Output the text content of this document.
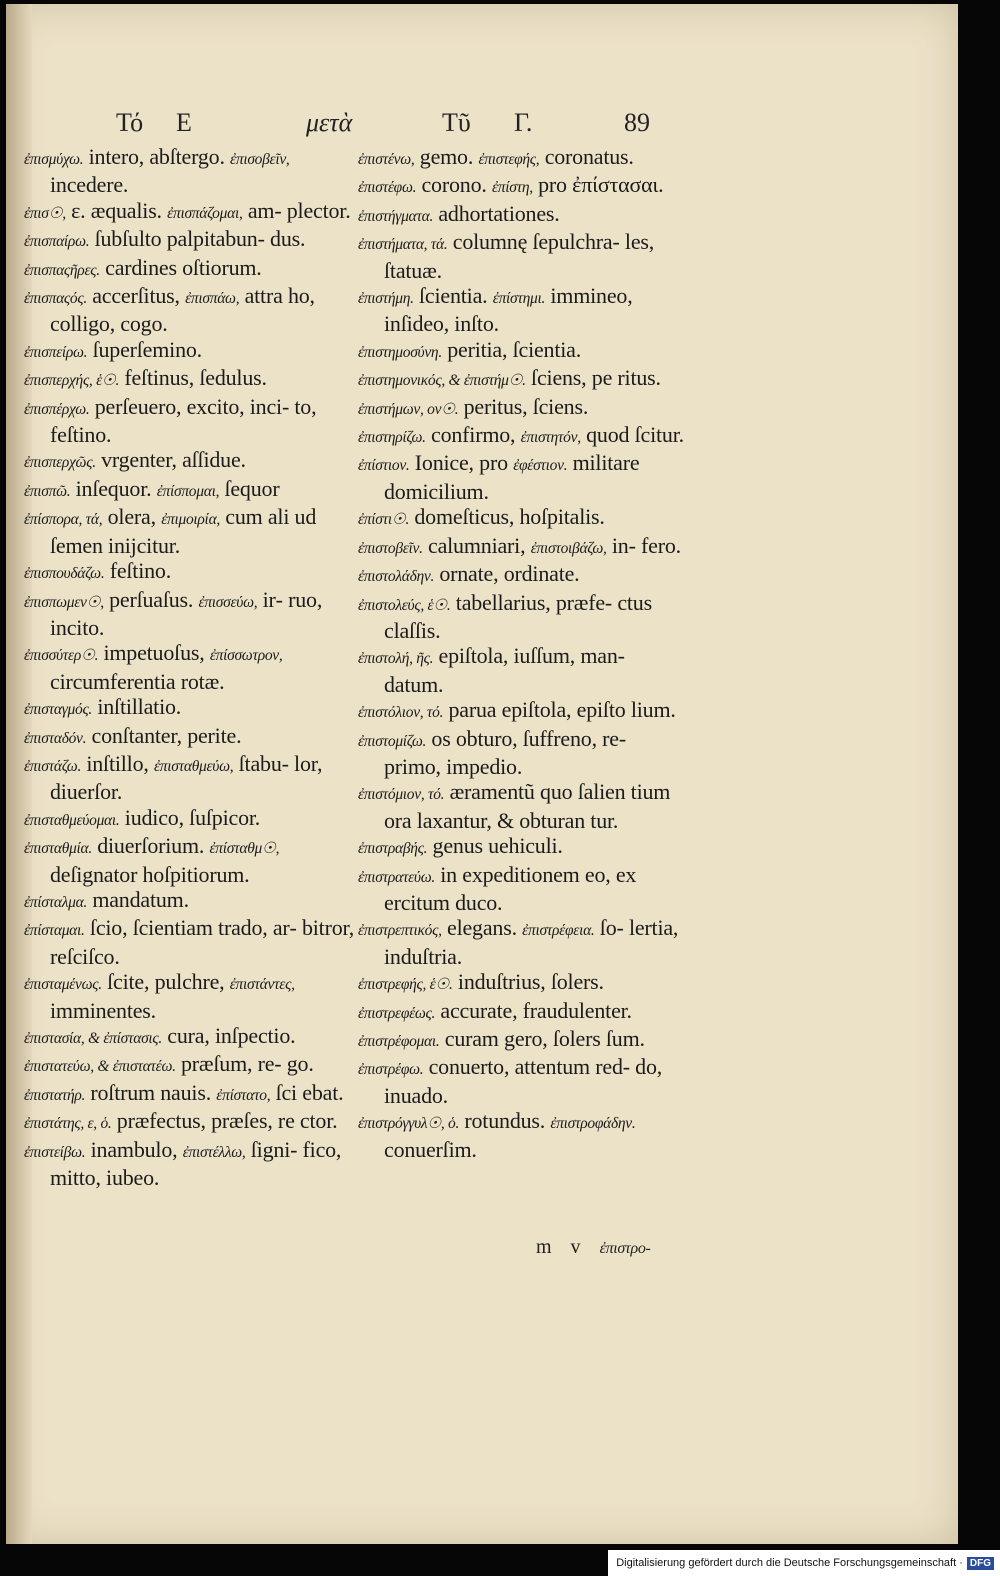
Τό Ε	μετὰ	Τῦ Γ.	89
ἐπισμύχω. intero, abſtergo. ἐπισοβεῖν, incedere.
ἐπισ☉, ε. æqualis. ἐπισπάζομαι, am‑ plector.
ἐπισπαίρω. ſubſulto palpitabun‑ dus.
ἐπισπαςῆρες. cardines oſtiorum.
ἐπισπαςός. accerſitus, ἐπισπάω, attra ho, colligo, cogo.
ἐπισπείρω. ſuperſemino.
ἐπισπερχής, ἑ☉. feſtinus, ſedulus.
ἐπισπέρχω. perſeuero, excito, inci‑ to, feſtino.
ἐπισπερχῶς. vrgenter, aſſidue.
ἐπισπῶ. inſequor. ἐπίσπομαι, ſequor
ἐπίσπορα, τά, olera, ἐπιμοιρία, cum ali ud ſemen inijcitur.
ἐπισπουδάζω. feſtino.
ἐπισπωμεν☉, perſuaſus. ἐπισσεύω, ir‑ ruo, incito.
ἐπισσύτερ☉. impetuoſus, ἐπίσσωτρον, circumferentia rotæ.
ἐπισταγμός. inſtillatio.
ἐπισταδόν. conſtanter, perite.
ἐπιστάζω. inſtillo, ἐπισταθμεύω, ſtabu‑ lor, diuerſor.
ἐπισταθμεύομαι. iudico, ſuſpicor.
ἐπισταθμία. diuerſorium. ἐπίσταθμ☉, deſignator hoſpitiorum.
ἐπίσταλμα. mandatum.
ἐπίσταμαι. ſcio, ſcientiam trado, ar‑ bitror, reſciſco.
ἐπισταμένως. ſcite, pulchre, ἐπιστάντες, imminentes.
ἐπιστασία, & ἐπίστασις. cura, inſpectio.
ἐπιστατεύω, & ἐπιστατέω. præſum, re‑ go.
ἐπιστατήρ. roſtrum nauis. ἐπίστατο, ſci ebat.
ἐπιστάτης, ε, ὁ. præfectus, præſes, re ctor.
ἐπιστείβω. inambulo, ἐπιστέλλω, ſigni‑ fico, mitto, iubeo.
ἐπιστένω, gemo. ἐπιστεφής, coronatus.
ἐπιστέφω. corono. ἐπίστη, pro ἐπίστασαι.
ἐπιστήγματα. adhortationes.
ἐπιστήματα, τά. columnę ſepulchra‑ les, ſtatuæ.
ἐπιστήμη. ſcientia. ἐπίστημι. immineo, inſideo, inſto.
ἐπιστημοσύνη. peritia, ſcientia.
ἐπιστημονικός, & ἐπιστήμ☉. ſciens, pe ritus.
ἐπιστήμων, ον☉. peritus, ſciens.
ἐπιστηρίζω. confirmo, ἐπιστητόν, quod ſcitur.
ἐπίστιον. Ionice, pro ἐφέστιον. militare domicilium.
ἐπίστι☉. domeſticus, hoſpitalis.
ἐπιστοβεῖν. calumniari, ἐπιστοιβάζω, in‑ fero.
ἐπιστολάδην. ornate, ordinate.
ἐπιστολεύς, ἑ☉. tabellarius, præfe‑ ctus claſſis.
ἐπιστολή, ῆς. epiſtola, iuſſum, man‑ datum.
ἐπιστόλιον, τό. parua epiſtola, epiſto lium.
ἐπιστομίζω. os obturo, ſuffreno, re‑ primo, impedio.
ἐπιστόμιον, τό. æramentũ quo ſalien tium ora laxantur, & obturan tur.
ἐπιστραβής. genus uehiculi.
ἐπιστρατεύω. in expeditionem eo, ex ercitum duco.
ἐπιστρεπτικός, elegans. ἐπιστρέφεια. ſo‑ lertia, induſtria.
ἐπιστρεφής, ἑ☉. induſtrius, ſolers.
ἐπιστρεφέως. accurate, fraudulenter.
ἐπιστρέφομαι. curam gero, ſolers ſum.
ἐπιστρέφω. conuerto, attentum red‑ do, inuado.
ἐπιστρόγγυλ☉, ὁ. rotundus. ἐπιστροφάδην. conuerſim.
m v ἐπιστρο‑
Digitalisierung gefördert durch die Deutsche Forschungsgemeinschaft · DFG
